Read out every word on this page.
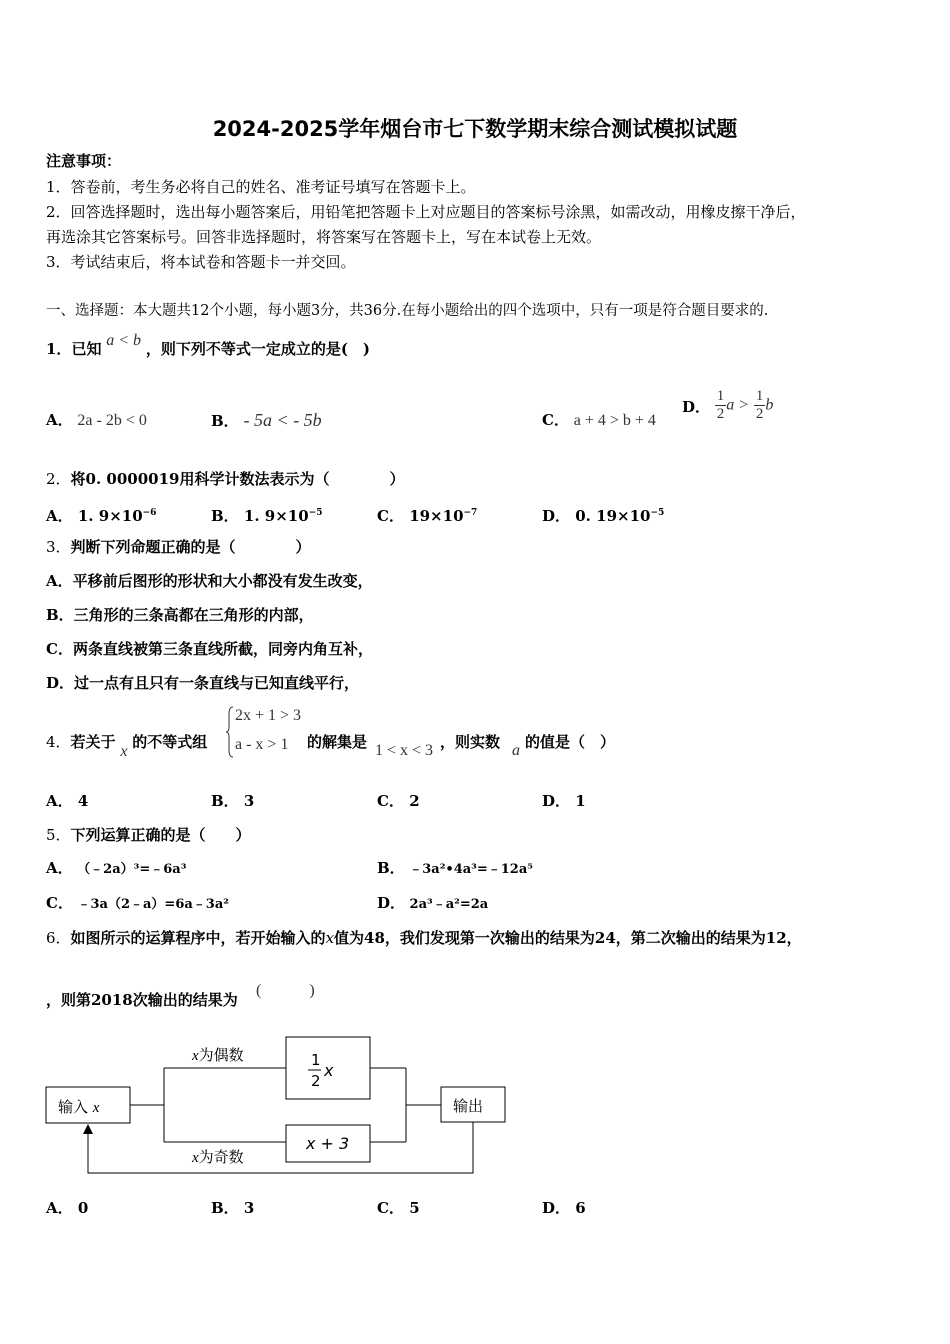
2024-2025学年烟台市七下数学期末综合测试模拟试题
注意事项：
1．答卷前，考生务必将自己的姓名、准考证号填写在答题卡上。
2．回答选择题时，选出每小题答案后，用铅笔把答题卡上对应题目的答案标号涂黑，如需改动，用橡皮擦干净后，
再选涂其它答案标号。回答非选择题时，将答案写在答题卡上，写在本试卷上无效。
3．考试结束后，将本试卷和答题卡一并交回。
一、选择题：本大题共12个小题，每小题3分，共36分.在每小题给出的四个选项中，只有一项是符合题目要求的.
1．已知 a < b ，则下列不等式一定成立的是(　)
A． 2a - 2b < 0	B． - 5a < - 5b	C． a + 4 > b + 4
D． $\frac{1}{2}$ $a > \frac{1}{2}$ b
2．将0. 0000019用科学计数法表示为（　　　　）
A． 1. $9\times 10^{-6}$	B． 1. $9\times 10^{-5}$	C． $19\times 10^{-7}$	D． 0. $19\times 10^{-5}$
3．判断下列命题正确的是（　　　　）
A．平移前后图形的形状和大小都没有发生改变，
B．三角形的三条高都在三角形的内部，
C．两条直线被第三条直线所截，同旁内角互补，
D．过一点有且只有一条直线与已知直线平行，
4．若关于 x 的不等式组
2x + 1 > 3
a - x > 1 的解集是 1 < x < 3 ，则实数 a 的值是（　）
A． 4	B． 3	C． 2	D． 1
5．下列运算正确的是（　　）
A． （﹣2a）³=﹣6a³	B． ﹣3a²•4a³=﹣12a⁵
C． ﹣3a（2﹣a）=6a﹣3a²	D． 2a³﹣a²=2a
6．如图所示的运算程序中，若开始输入的x值为48，我们发现第一次输出的结果为24，第二次输出的结果为12，
，则第2018次输出的结果为
(　　　)
输入 x
x为偶数
x为奇数
1
2
x
x + 3
输出
A． 0	B． 3	C． 5	D． 6
